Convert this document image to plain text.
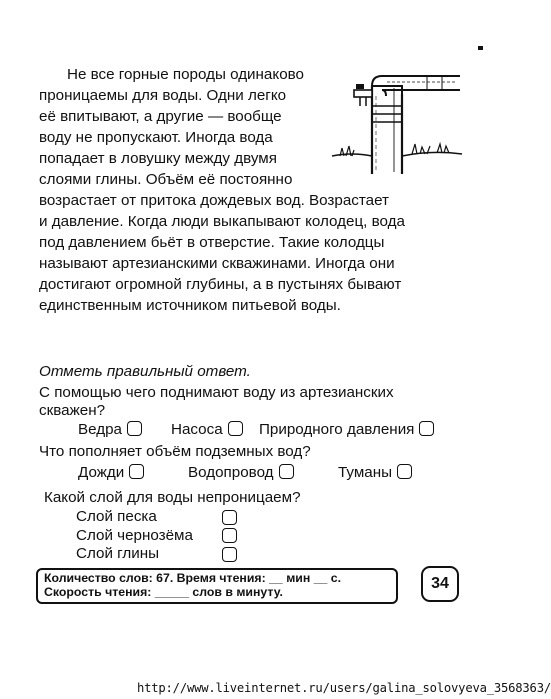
Не все горные породы одинаково
проницаемы для воды. Одни легко
её впитывают, а другие — вообще
воду не пропускают. Иногда вода
попадает в ловушку между двумя
слоями глины. Объём её постоянно
возрастает от притока дождевых вод. Возрастает
и давление. Когда люди выкапывают колодец, вода
под давлением бьёт в отверстие. Такие колодцы
называют артезианскими скважинами. Иногда они
достигают огромной глубины, а в пустынях бывают
единственным источником питьевой воды.
Отметь правильный ответ.
С помощью чего поднимают воду из артезианских
скважен?
Ведра	Насоса	Природного давления
Что пополняет объём подземных вод?
Дожди	Водопровод	Туманы
Какой слой для воды непроницаем?
Слой песка
Слой чернозёма
Слой глины
Количество слов: 67. Время чтения: __ мин __ с.
Скорость чтения: _____ слов в минуту.	34
http://www.liveinternet.ru/users/galina_solovyeva_3568363/
